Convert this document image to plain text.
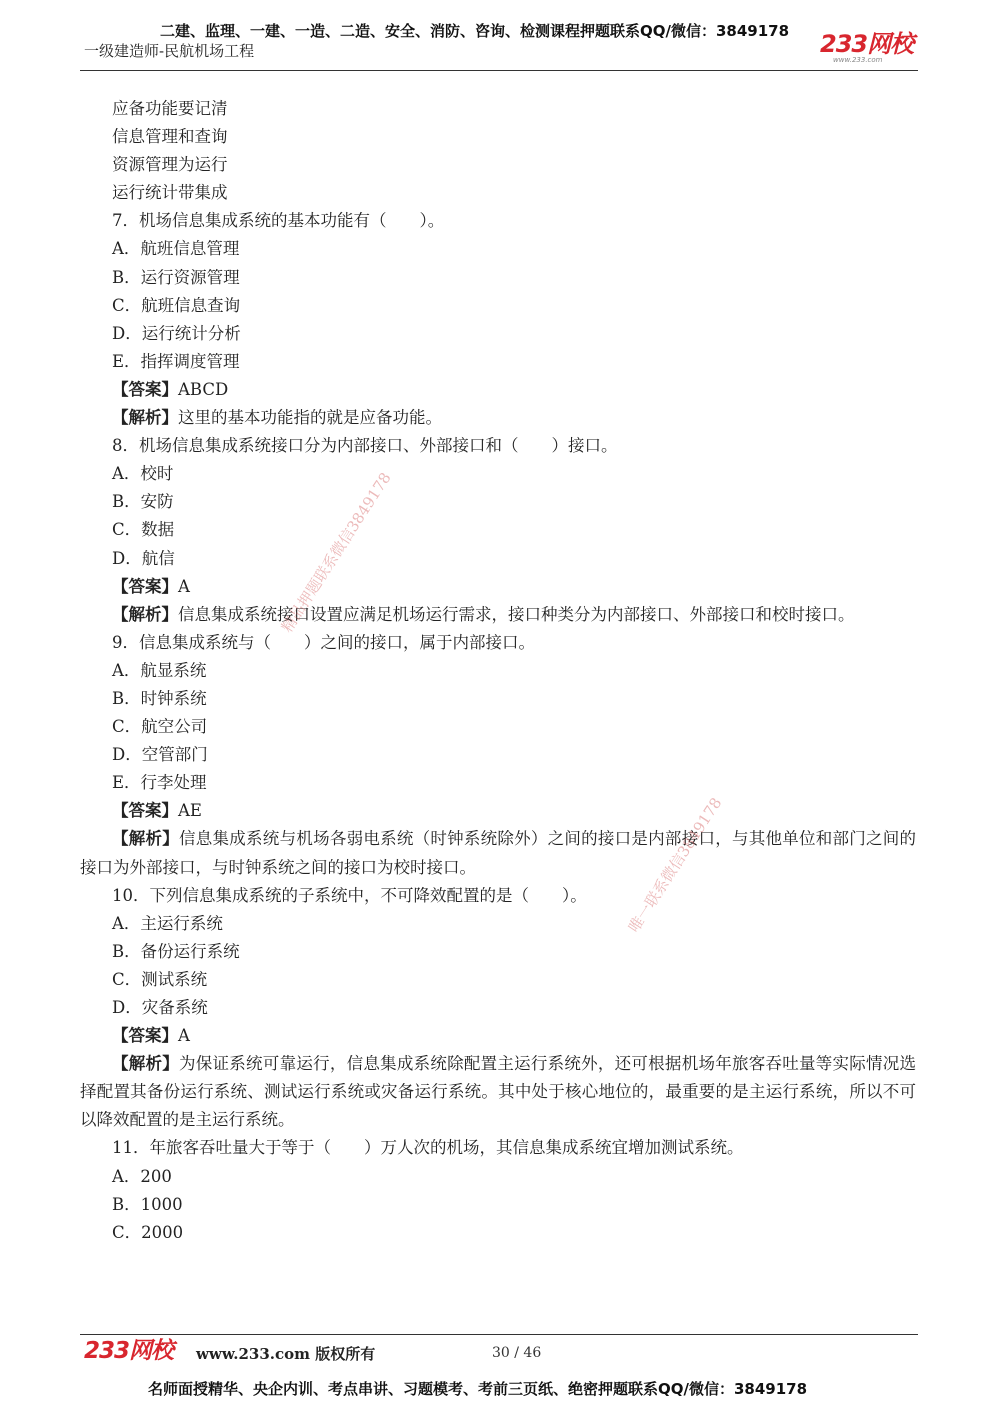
二建、监理、一建、一造、二造、安全、消防、咨询、检测课程押题联系QQ/微信：3849178
一级建造师-民航机场工程	233网校
www.233.com
应备功能要记清
信息管理和查询
资源管理为运行
运行统计带集成
7．机场信息集成系统的基本功能有（　　）。
A．航班信息管理
B．运行资源管理
C．航班信息查询
D．运行统计分析
E．指挥调度管理
【答案】ABCD
【解析】这里的基本功能指的就是应备功能。
8．机场信息集成系统接口分为内部接口、外部接口和（　　）接口。
A．校时
B．安防
C．数据
D．航信
【答案】A
【解析】信息集成系统接口设置应满足机场运行需求，接口种类分为内部接口、外部接口和校时接口。
9．信息集成系统与（　　）之间的接口，属于内部接口。
A．航显系统
B．时钟系统
C．航空公司
D．空管部门
E．行李处理
【答案】AE
【解析】信息集成系统与机场各弱电系统（时钟系统除外）之间的接口是内部接口，与其他单位和部门之间的接口为外部接口，与时钟系统之间的接口为校时接口。
10．下列信息集成系统的子系统中，不可降效配置的是（　　）。
A．主运行系统
B．备份运行系统
C．测试系统
D．灾备系统
【答案】A
【解析】为保证系统可靠运行，信息集成系统除配置主运行系统外，还可根据机场年旅客吞吐量等实际情况选择配置其备份运行系统、测试运行系统或灾备运行系统。其中处于核心地位的，最重要的是主运行系统，所以不可以降效配置的是主运行系统。
11．年旅客吞吐量大于等于（　　）万人次的机场，其信息集成系统宜增加测试系统。
A．200
B．1000
C．2000
精品押题联系微信3849178
唯一联系微信3849178
233网校 www.233.com 版权所有	30 / 46
名师面授精华、央企内训、考点串讲、习题模考、考前三页纸、绝密押题联系QQ/微信：3849178
